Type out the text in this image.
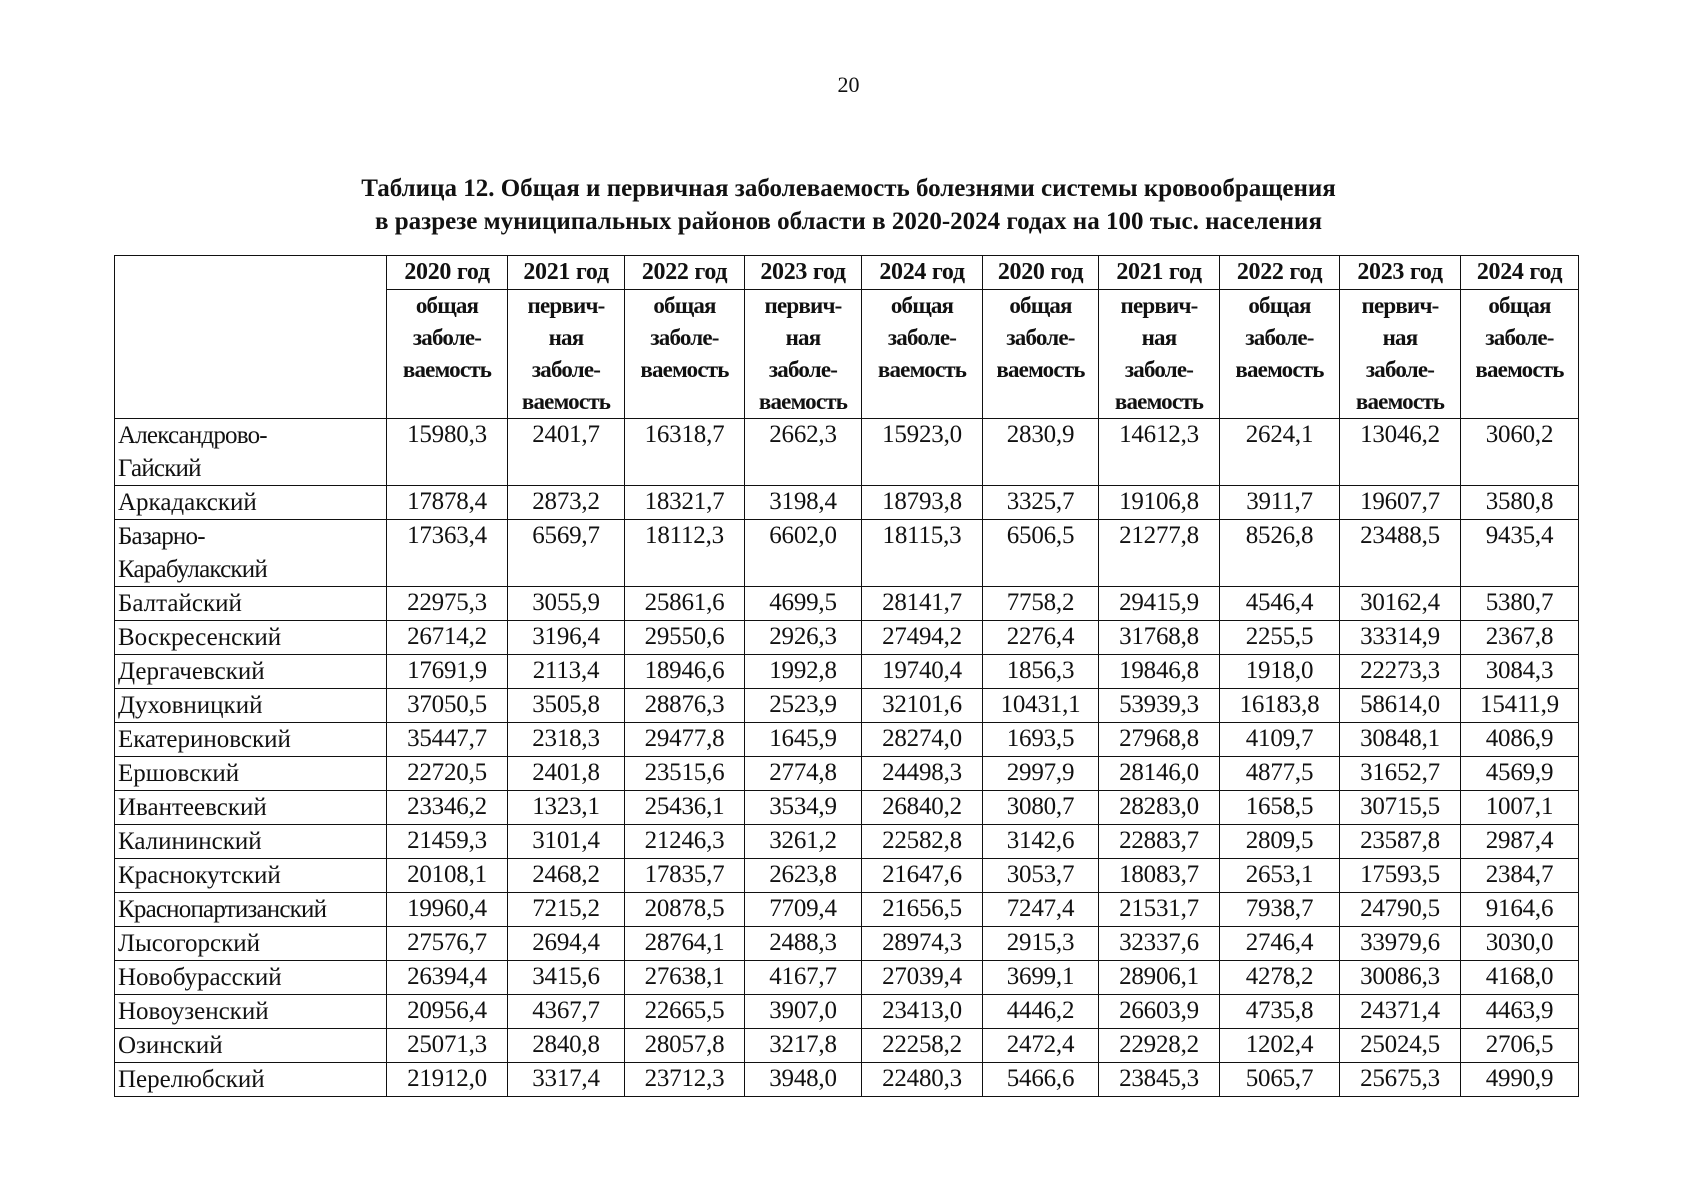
20
Таблица 12. Общая и первичная заболеваемость болезнями системы кровообращения
в разрезе муниципальных районов области в 2020-2024 годах на 100 тыс. населения
	2020 год	2021 год	2022 год	2023 год	2024 год	2020 год	2021 год	2022 год	2023 год	2024 год

	общая
заболе-
ваемость	первич-
ная
заболе-
ваемость	общая
заболе-
ваемость	первич-
ная
заболе-
ваемость	общая
заболе-
ваемость	общая
заболе-
ваемость	первич-
ная
заболе-
ваемость	общая
заболе-
ваемость	первич-
ная
заболе-
ваемость	общая
заболе-
ваемость

Александрово-
Гайский	15980,3	2401,7	16318,7	2662,3	15923,0	2830,9	14612,3	2624,1	13046,2	3060,2

Аркадакский	17878,4	2873,2	18321,7	3198,4	18793,8	3325,7	19106,8	3911,7	19607,7	3580,8

Базарно-
Карабулакский	17363,4	6569,7	18112,3	6602,0	18115,3	6506,5	21277,8	8526,8	23488,5	9435,4

Балтайский	22975,3	3055,9	25861,6	4699,5	28141,7	7758,2	29415,9	4546,4	30162,4	5380,7

Воскресенский	26714,2	3196,4	29550,6	2926,3	27494,2	2276,4	31768,8	2255,5	33314,9	2367,8

Дергачевский	17691,9	2113,4	18946,6	1992,8	19740,4	1856,3	19846,8	1918,0	22273,3	3084,3

Духовницкий	37050,5	3505,8	28876,3	2523,9	32101,6	10431,1	53939,3	16183,8	58614,0	15411,9

Екатериновский	35447,7	2318,3	29477,8	1645,9	28274,0	1693,5	27968,8	4109,7	30848,1	4086,9

Ершовский	22720,5	2401,8	23515,6	2774,8	24498,3	2997,9	28146,0	4877,5	31652,7	4569,9

Ивантеевский	23346,2	1323,1	25436,1	3534,9	26840,2	3080,7	28283,0	1658,5	30715,5	1007,1

Калининский	21459,3	3101,4	21246,3	3261,2	22582,8	3142,6	22883,7	2809,5	23587,8	2987,4

Краснокутский	20108,1	2468,2	17835,7	2623,8	21647,6	3053,7	18083,7	2653,1	17593,5	2384,7

Краснопартизанский	19960,4	7215,2	20878,5	7709,4	21656,5	7247,4	21531,7	7938,7	24790,5	9164,6

Лысогорский	27576,7	2694,4	28764,1	2488,3	28974,3	2915,3	32337,6	2746,4	33979,6	3030,0

Новобурасский	26394,4	3415,6	27638,1	4167,7	27039,4	3699,1	28906,1	4278,2	30086,3	4168,0

Новоузенский	20956,4	4367,7	22665,5	3907,0	23413,0	4446,2	26603,9	4735,8	24371,4	4463,9

Озинский	25071,3	2840,8	28057,8	3217,8	22258,2	2472,4	22928,2	1202,4	25024,5	2706,5

Перелюбский	21912,0	3317,4	23712,3	3948,0	22480,3	5466,6	23845,3	5065,7	25675,3	4990,9
